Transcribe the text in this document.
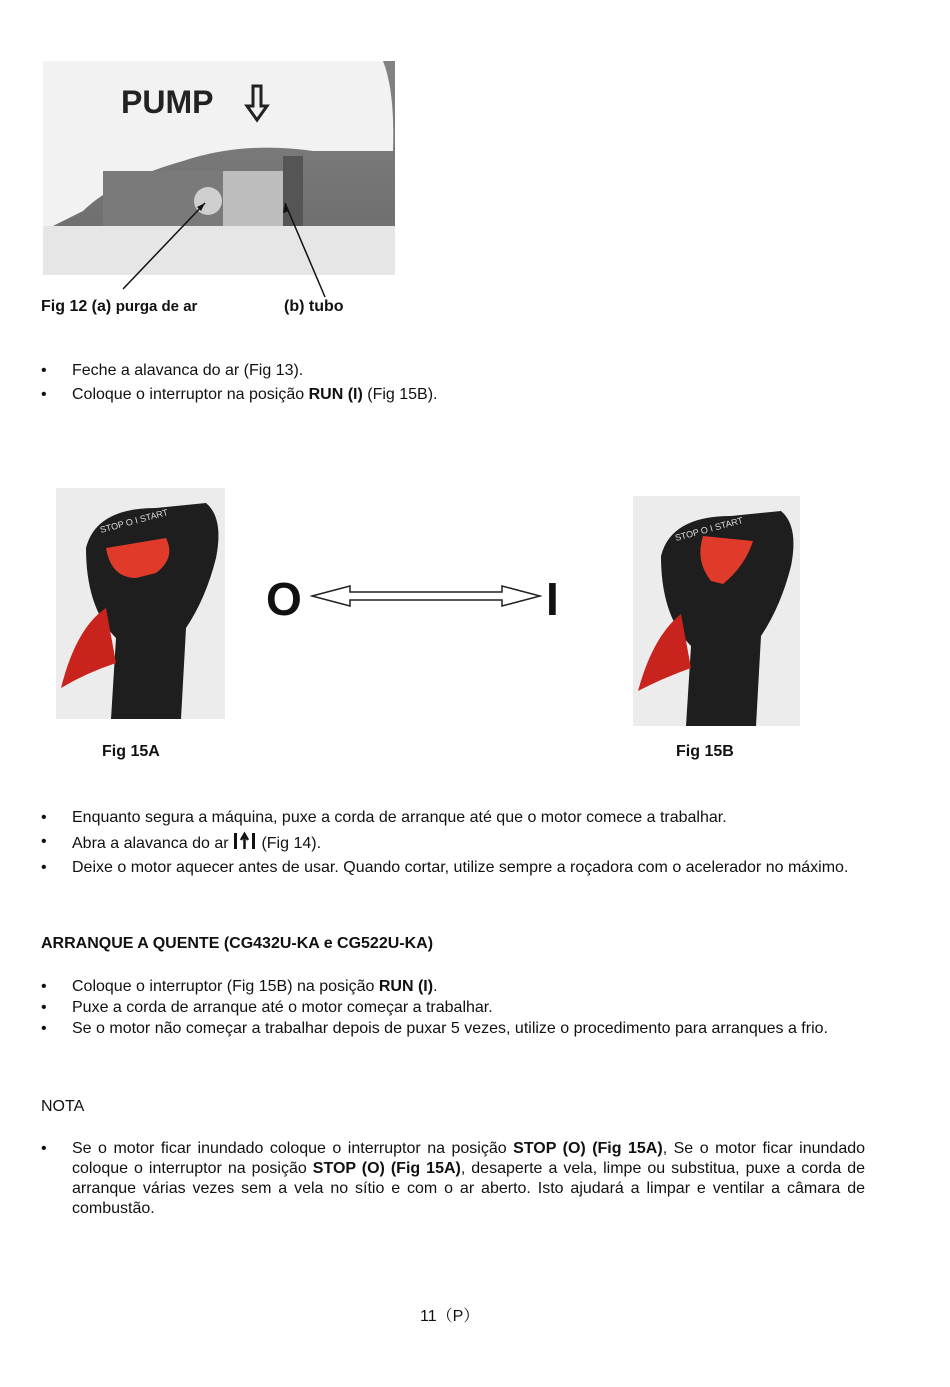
PUMP
Fig 12 (a) purga de ar	(b) tubo
• Feche a alavanca do ar (Fig 13).
• Coloque o interruptor na posição RUN (I) (Fig 15B).
STOP O I START
O	I
STOP O I START
Fig 15A	Fig 15B
• Enquanto segura a máquina, puxe a corda de arranque até que o motor comece a trabalhar.
• Abra a alavanca do ar  (Fig 14).
• Deixe o motor aquecer antes de usar. Quando cortar, utilize sempre a roçadora com o acelerador no máximo.
ARRANQUE A QUENTE (CG432U-KA e CG522U-KA)
• Coloque o interruptor (Fig 15B) na posição RUN (I).
• Puxe a corda de arranque até o motor começar a trabalhar.
• Se o motor não começar a trabalhar depois de puxar 5 vezes, utilize o procedimento para arranques a frio.
NOTA
• Se o motor ficar inundado coloque o interruptor na posição STOP (O) (Fig 15A), Se o motor ficar inundado coloque o interruptor na posição STOP (O) (Fig 15A), desaperte a vela, limpe ou substitua, puxe a corda de arranque várias vezes sem a vela no sítio e com o ar aberto. Isto ajudará a limpar e ventilar a câmara de combustão.
11（P）
